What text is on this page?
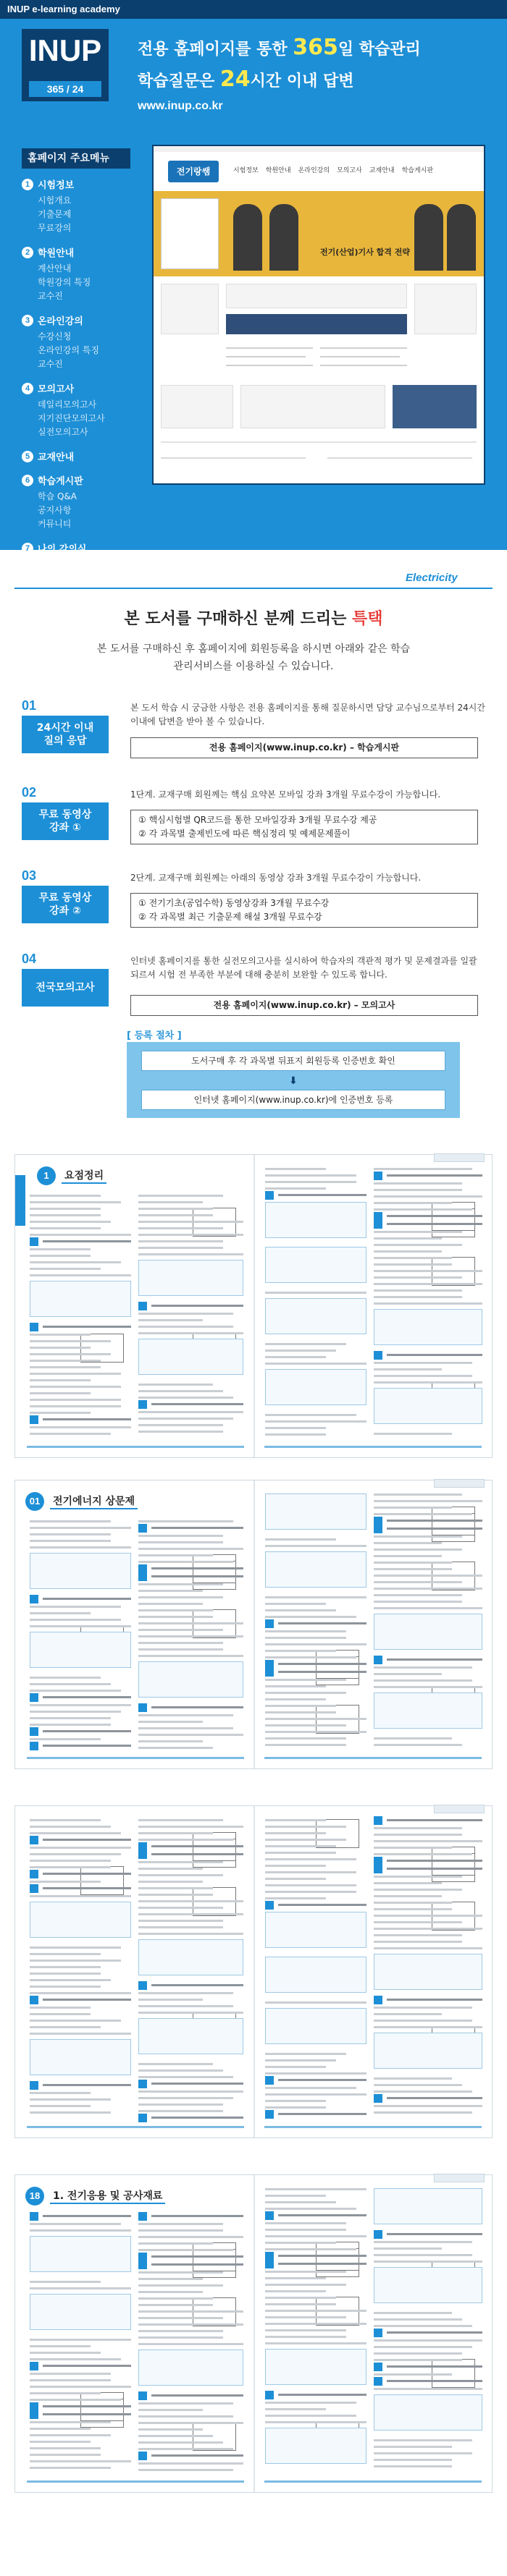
INUP e-learning academy
INUP
365 / 24
전용 홈페이지를 통한 365일 학습관리
학습질문은 24시간 이내 답변
www.inup.co.kr
홈페이지 주요메뉴
1 시험정보
시험개요
기출문제
무료강의
2 학원안내
계산안내
학원강의 특징
교수진
3 온라인강의
수강신청
온라인강의 특징
교수진
4 모의고사
데일리모의고사
지기진단모의고사
실전모의고사
5 교재안내
6 학습게시판
학습 Q&A
공지사항
커뮤니티
7 나의 강의실
전기랑쌤	시험정보 학원안내 온라인강의 모의고사 교재안내 학습게시판
전기(산업)기사 합격 전략
Electricity
본 도서를 구매하신 분께 드리는 특택
본 도서를 구매하신 후 홈페이지에 회원등록을 하시면 아래와 같은 학습 관리서비스를 이용하실 수 있습니다.
01
24시간 이내
질의 응답
본 도서 학습 시 궁금한 사항은 전용 홈페이지를 통해 질문하시면 담당 교수님으로부터 24시간 이내에 답변을 받아 볼 수 있습니다.
전용 홈페이지(www.inup.co.kr) – 학습게시판
02
무료 동영상
강좌 ①
1단계. 교재구매 회원께는 핵심 요약본 모바일 강좌 3개월 무료수강이 가능합니다.
① 핵심시험별 QR코드를 통한 모바일강좌 3개월 무료수강 제공
② 각 과목별 출제빈도에 따른 핵심정리 및 예제문제풀이
03
무료 동영상
강좌 ②
2단계. 교재구매 회원께는 아래의 동영상 강좌 3개월 무료수강이 가능합니다.
① 전기기초(공업수학) 동영상강좌 3개월 무료수강
② 각 과목별 최근 기출문제 해설 3개월 무료수강
04
전국모의고사
인터넷 홈페이지를 통한 실전모의고사를 실시하여 학습자의 객관적 평가 및 문제결과를 일괄되르셔 시험 전 부족한 부분에 대해 충분히 보완할 수 있도록 합니다.
전용 홈페이지(www.inup.co.kr) – 모의고사
[ 등록 절차 ]
도서구매 후 각 과목별 뒤표지 회원등록 인증번호 확인
⬇
인터넷 홈페이지(www.inup.co.kr)에 인증번호 등록
1	요점정리
01	전기에너지 상문제
18	1. 전기응용 및 공사재료
